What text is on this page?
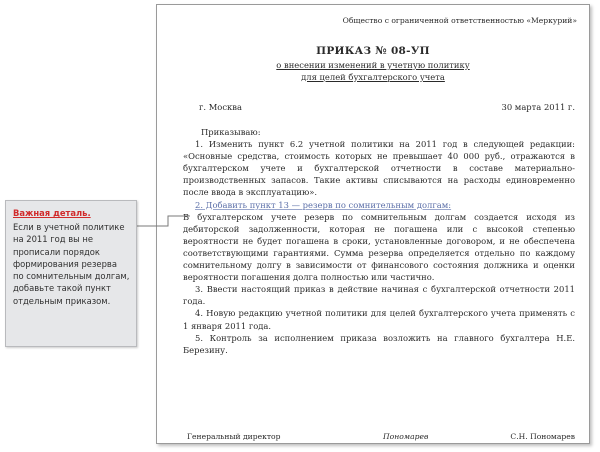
Общество с ограниченной ответственностью «Меркурий»
ПРИКАЗ № 08-УП
о внесении изменений в учетную политику
для целей бухгалтерского учета
г. Москва	30 марта 2011 г.

Приказываю:

1. Изменить пункт 6.2 учетной политики на 2011 год в следующей редакции: «Основные средства, стоимость которых не превышает 40 000 руб., отражаются в бухгалтерском учете и бухгалтерской отчетности в составе материально-производственных запасов. Такие активы списываются на расходы единовременно после ввода в эксплуатацию».

2. Добавить пункт 13 — резерв по сомнительным долгам:

В бухгалтерском учете резерв по сомнительным долгам создается исходя из дебиторской задолженности, которая не погашена или с высокой степенью вероятности не будет погашена в сроки, установленные договором, и не обеспечена соответствующими гарантиями. Сумма резерва определяется отдельно по каждому сомнительному долгу в зависимости от финансового состояния должника и оценки вероятности погашения долга полностью или частично.

3. Ввести настоящий приказ в действие начиная с бухгалтерской отчетности 2011 года.

4. Новую редакцию учетной политики для целей бухгалтерского учета применять с 1 января 2011 года.

5. Контроль за исполнением приказа возложить на главного бухгалтера Н.Е. Березину.

Генеральный директор	Пономарев	С.Н. Пономарев
Важная деталь.
Если в учетной политике на 2011 год вы не прописали порядок формирования резерва по сомнительным долгам, добавьте такой пункт отдельным приказом.
